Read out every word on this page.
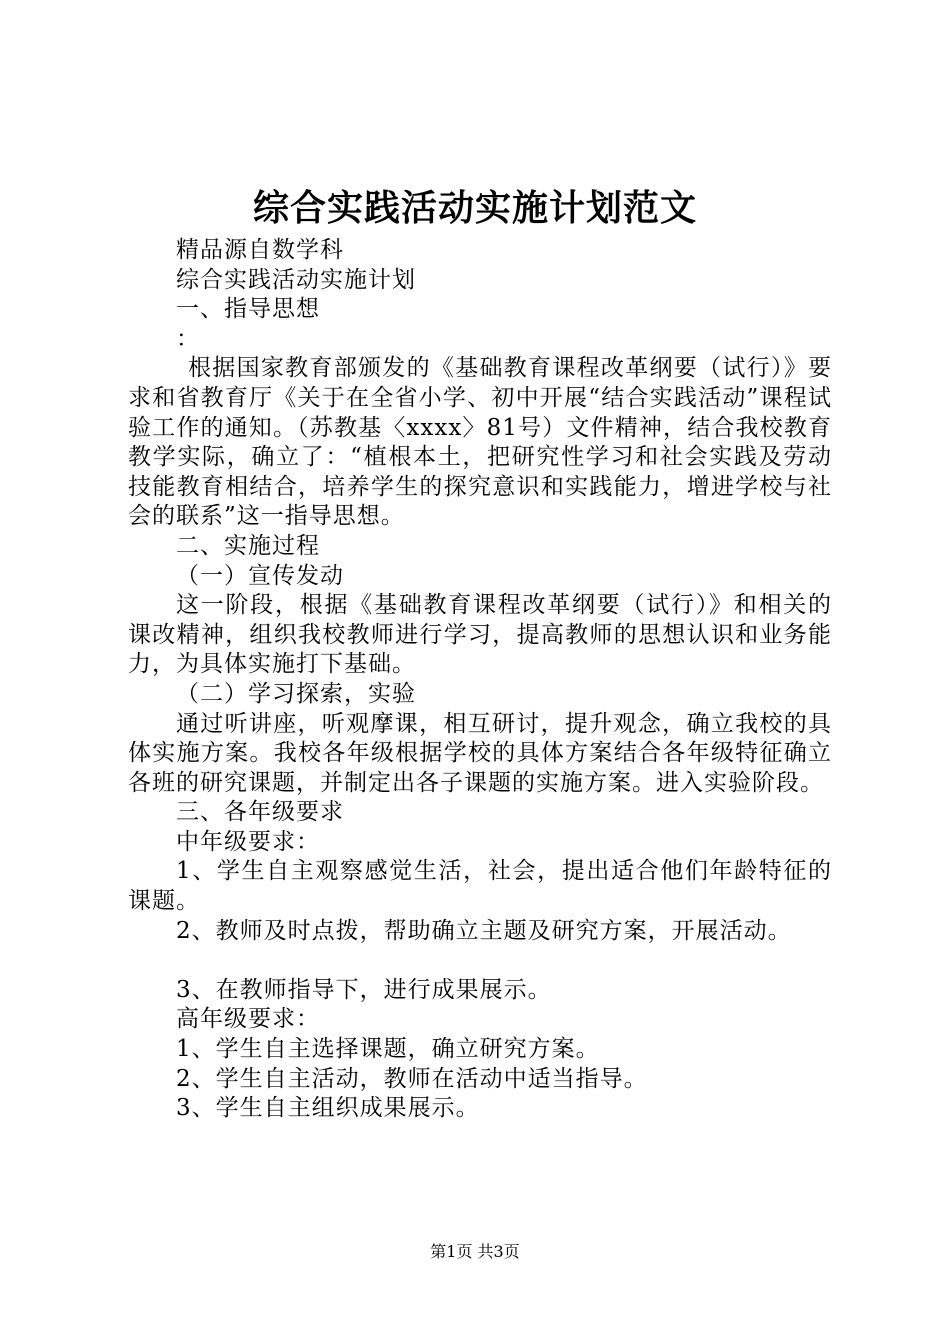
综合实践活动实施计划范文

精品源自数学科

综合实践活动实施计划

一、指导思想

：

根据国家教育部颁发的《基础教育课程改革纲要（试行）》要求和省教育厅《关于在全省小学、初中开展“结合实践活动”课程试验工作的通知。（苏教基〈xxxx〉81号）文件精神，结合我校教育教学实际，确立了：“植根本土，把研究性学习和社会实践及劳动技能教育相结合，培养学生的探究意识和实践能力，增进学校与社会的联系”这一指导思想。

二、实施过程

（一）宣传发动

这一阶段，根据《基础教育课程改革纲要（试行）》和相关的课改精神，组织我校教师进行学习，提高教师的思想认识和业务能力，为具体实施打下基础。

（二）学习探索，实验

通过听讲座，听观摩课，相互研讨，提升观念，确立我校的具体实施方案。我校各年级根据学校的具体方案结合各年级特征确立各班的研究课题，并制定出各子课题的实施方案。进入实验阶段。

三、各年级要求

中年级要求：

1、学生自主观察感觉生活，社会，提出适合他们年龄特征的课题。

2、教师及时点拨，帮助确立主题及研究方案，开展活动。

3、在教师指导下，进行成果展示。

高年级要求：

1、学生自主选择课题，确立研究方案。

2、学生自主活动，教师在活动中适当指导。

3、学生自主组织成果展示。

第1页 共3页
